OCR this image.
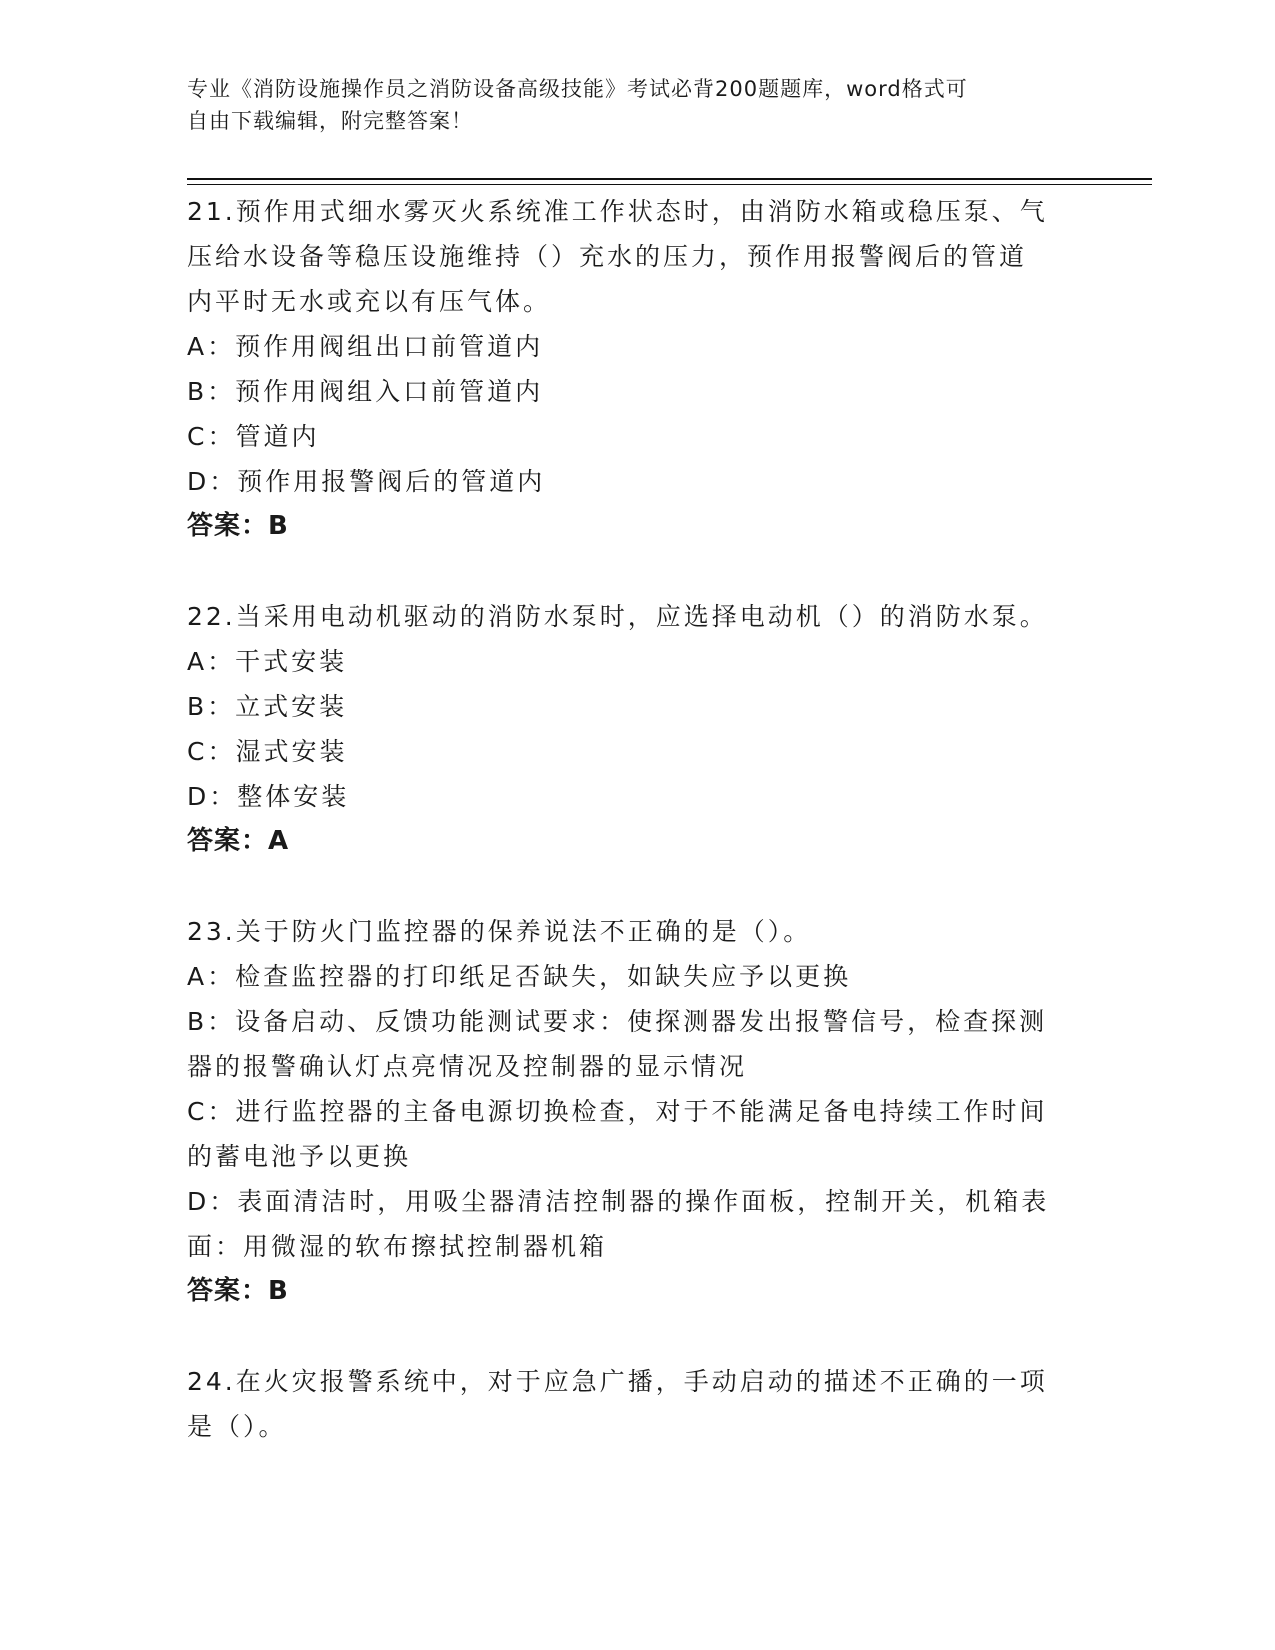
专业《消防设施操作员之消防设备高级技能》考试必背200题题库，word格式可
自由下载编辑，附完整答案！
21.预作用式细水雾灭火系统准工作状态时，由消防水箱或稳压泵、气
压给水设备等稳压设施维持（）充水的压力，预作用报警阀后的管道
内平时无水或充以有压气体。
A：预作用阀组出口前管道内
B：预作用阀组入口前管道内
C：管道内
D：预作用报警阀后的管道内
答案：B
22.当采用电动机驱动的消防水泵时，应选择电动机（）的消防水泵。
A：干式安装
B：立式安装
C：湿式安装
D：整体安装
答案：A
23.关于防火门监控器的保养说法不正确的是（）。
A：检查监控器的打印纸足否缺失，如缺失应予以更换
B：设备启动、反馈功能测试要求：使探测器发出报警信号，检查探测
器的报警确认灯点亮情况及控制器的显示情况
C：进行监控器的主备电源切换检查，对于不能满足备电持续工作时间
的蓄电池予以更换
D：表面清洁时，用吸尘器清洁控制器的操作面板，控制开关，机箱表
面：用微湿的软布擦拭控制器机箱
答案：B
24.在火灾报警系统中，对于应急广播，手动启动的描述不正确的一项
是（）。
